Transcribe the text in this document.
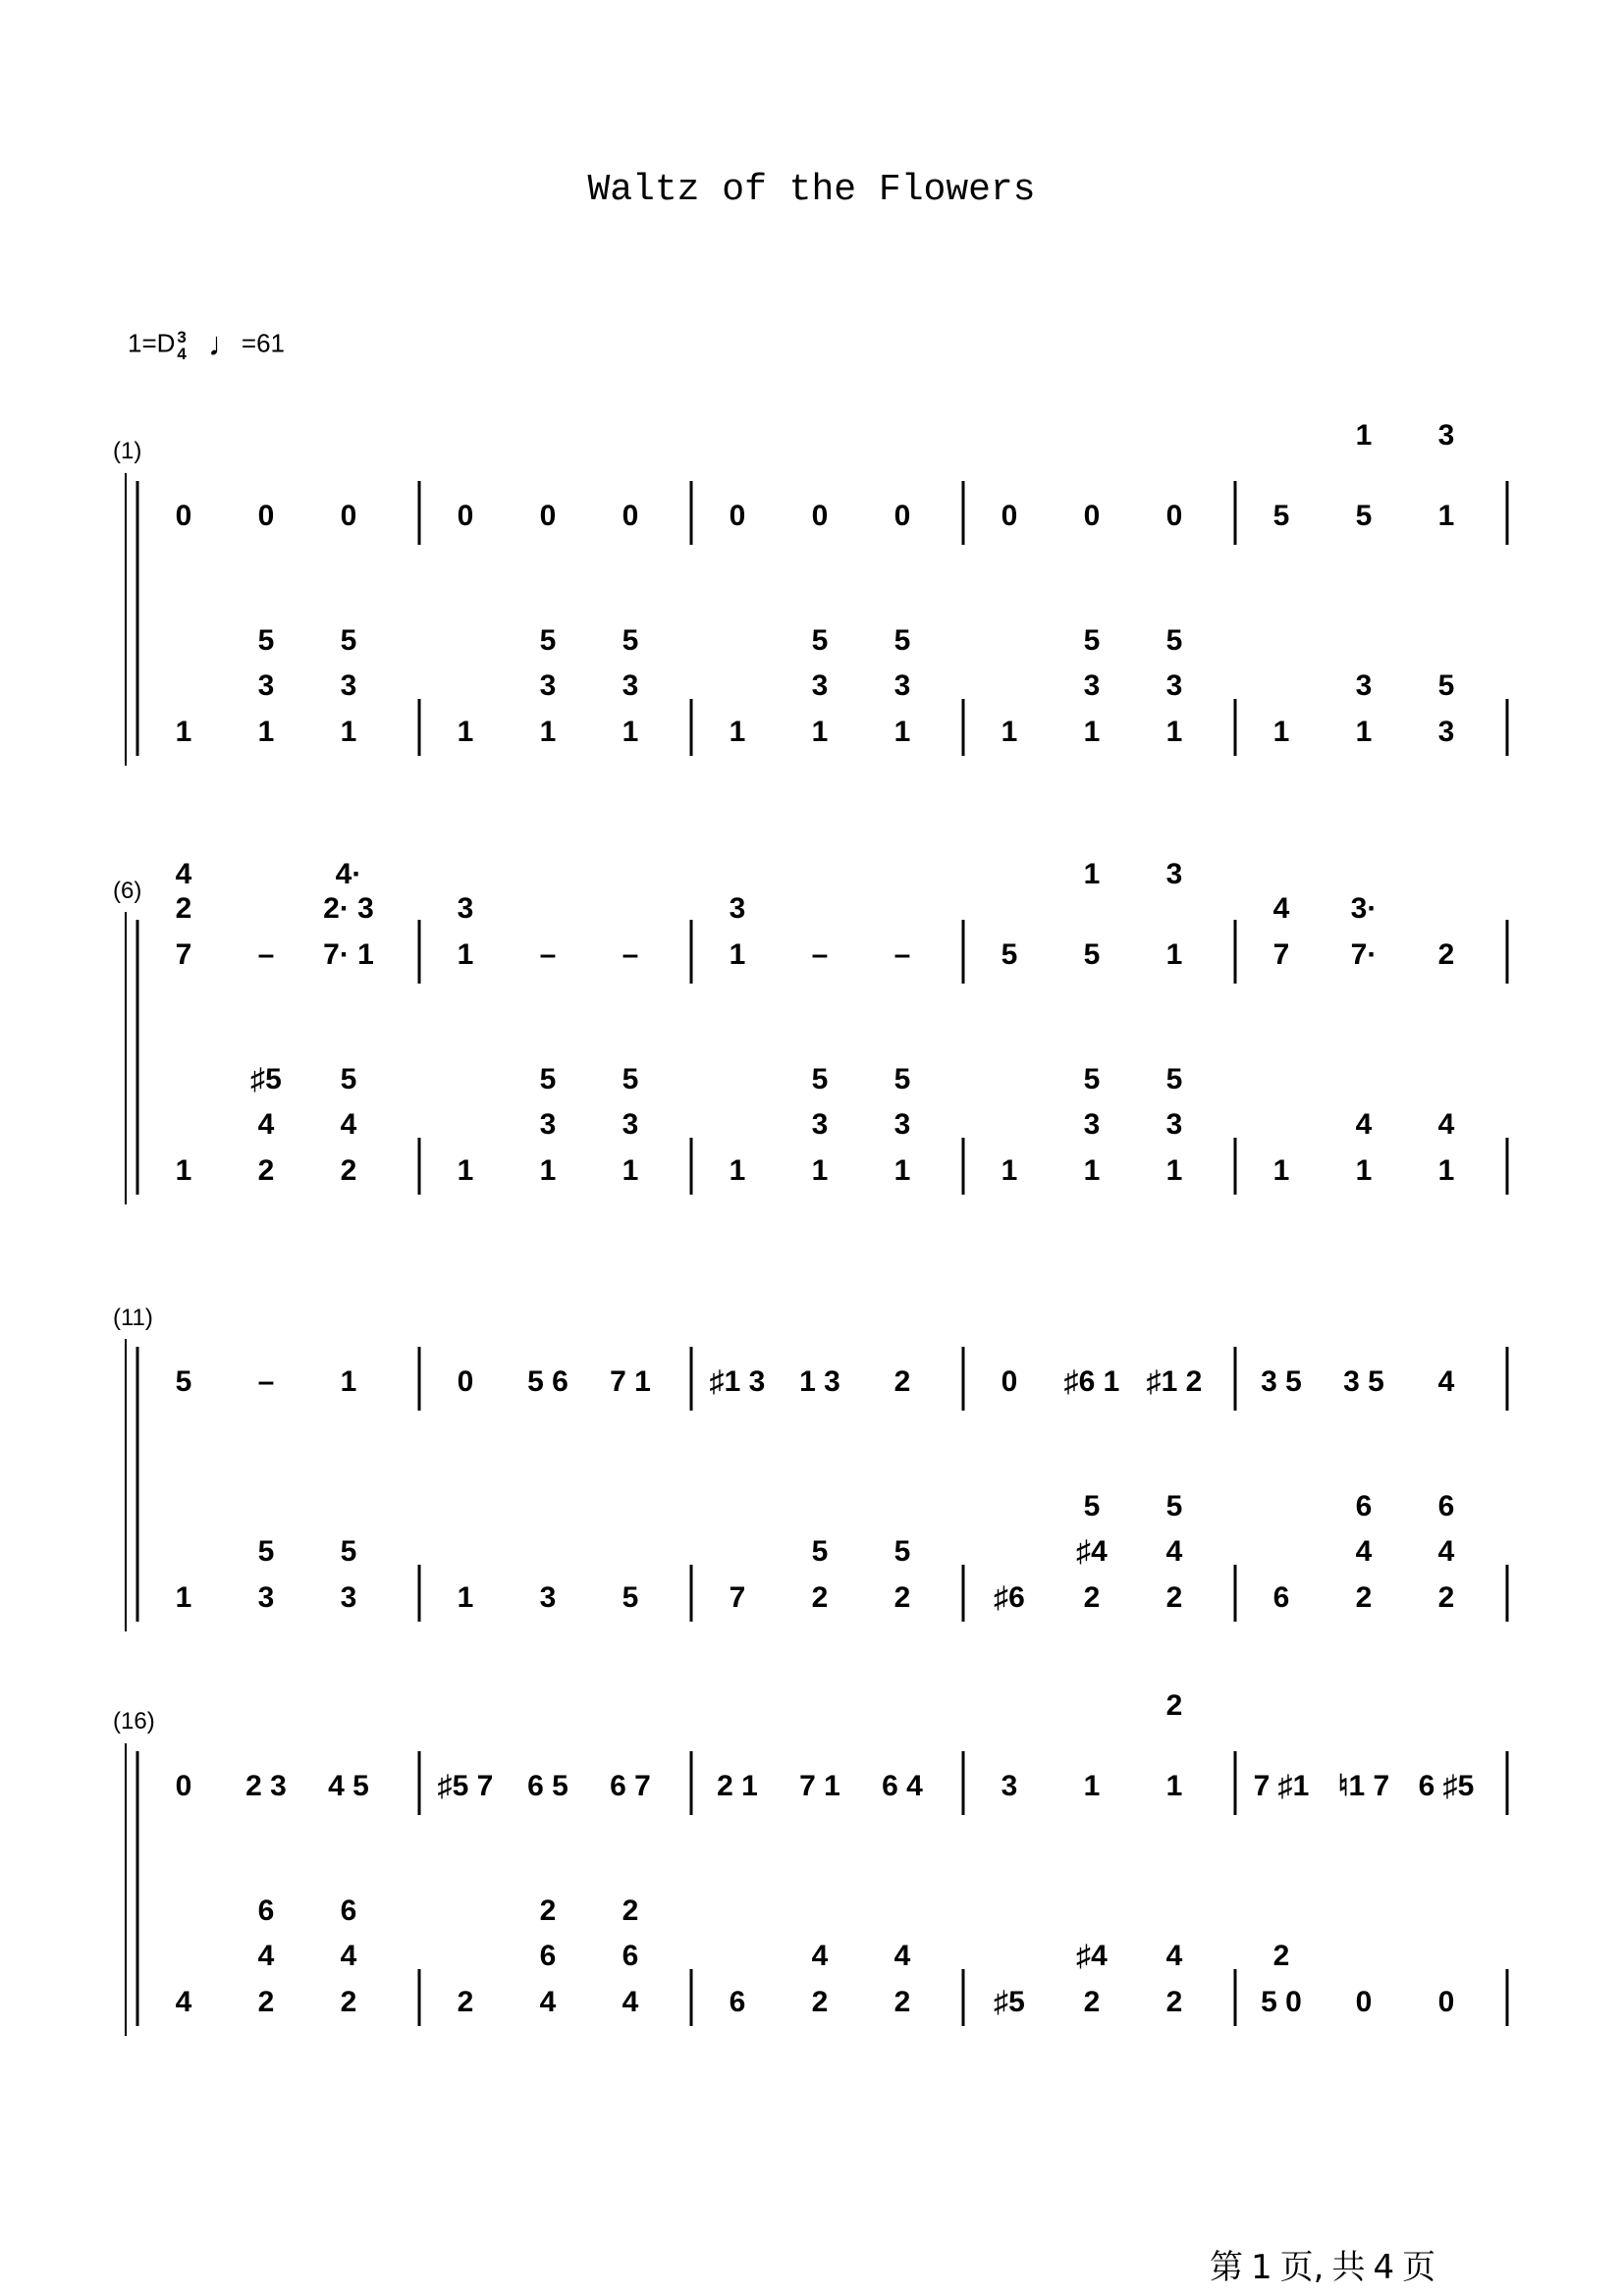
Waltz of the Flowers
1=D 3
4 ♩=61
(1)
(6)
(11)
(16)
0
1
0
1
3
5
0
1
3
5
0
1
0
1
3
5
0
1
3
5
0
1
0
1
3
5
0
1
3
5
0
1
0
1
3
5
0
1
3
5
5
1
5
1
1
3
1
3
3
5
7
2
4
1
–
2
4
♯5
7· 1
2· 3
4·
2
4
5
1
3
1
–
1
3
5
–
1
3
5
1
3
1
–
1
3
5
–
1
3
5
5
1
5
1
1
3
5
1
3
1
3
5
7
4
1
7·
3·
1
4
2
1
4
5
1
–
3
5
1
3
5
0
1
5 6
3
7 1
5
♯1 3
7
1 3
2
5
2
2
5
0
♯6
♯6 1
2
♯4
5
♯1 2
2
4
5
3 5
6
3 5
2
4
6
4
2
4
6
0
4
2 3
2
4
6
4 5
2
4
6
♯5 7
2
6 5
4
6
2
6 7
4
6
2
2 1
6
7 1
2
4
6 4
2
4
3
♯5
1
2
♯4
1
2
2
4
7 ♯1
5 0
2
♮1 7
0
6 ♯5
0
第 1 页, 共 4 页
